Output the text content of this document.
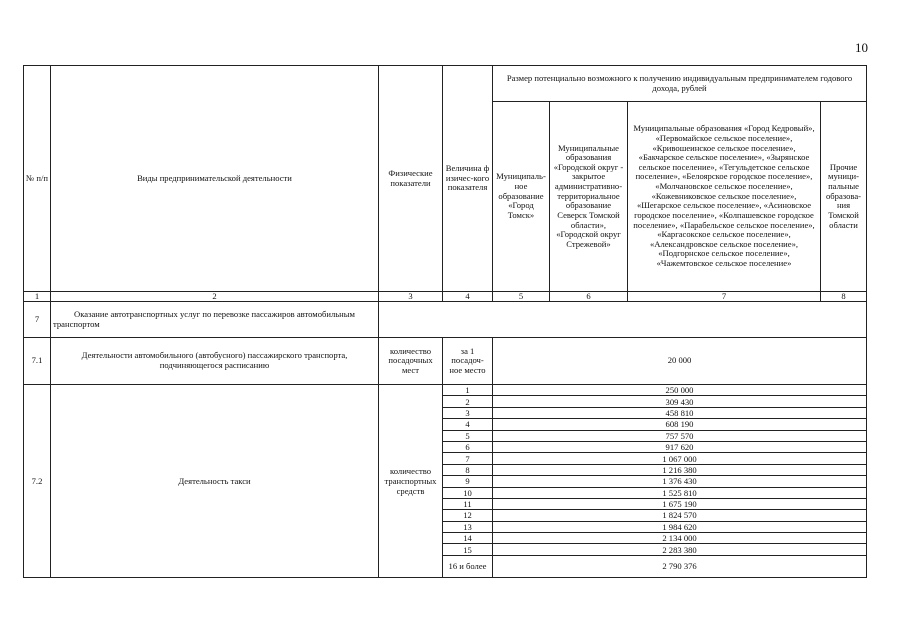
10
№ п/п	Виды предпринимательской деятельности	Физические показатели	Величина физичес-кого показателя	Размер потенциально возможного к получению индивидуальным предпринимателем годового дохода, рублей			
				Муниципаль-ное образование «Город Томск»	Муниципальные образования «Городской округ - закрытое административно-территориальное образование Северск Томской области», «Городской округ Стрежевой»	Муниципальные образования «Город Кедровый», «Первомайское сельское поселение», «Кривошеинское сельское поселение», «Бакчарское сельское поселение», «Зырянское сельское поселение», «Тегульдетское сельское поселение», «Белоярское городское поселение», «Молчановское сельское поселение», «Кожевниковское сельское поселение», «Шегарское сельское поселение», «Асиновское городское поселение», «Колпашевское городское поселение», «Парабельское сельское поселение», «Каргасокское сельское поселение», «Александровское сельское поселение», «Подгорнское сельское поселение», «Чажемтовское сельское поселение»	Прочие муници-пальные образова-ния Томской области
1	2	3	4	5	6	7	8
7	Оказание автотранспортных услуг по перевозке пассажиров автомобильным транспортом						
7.1	Деятельности автомобильного (автобусного) пассажирского транспорта, подчиняющегося расписанию	количество посадочных мест	за 1 посадоч-ное место	20 000			
7.2	Деятельность такси	количество транспортных средств	1	250 000			
			2	309 430			
			3	458 810			
			4	608 190			
			5	757 570			
			6	917 620			
			7	1 067 000			
			8	1 216 380			
			9	1 376 430			
			10	1 525 810			
			11	1 675 190			
			12	1 824 570			
			13	1 984 620			
			14	2 134 000			
			15	2 283 380			
			16 и более	2 790 376			
